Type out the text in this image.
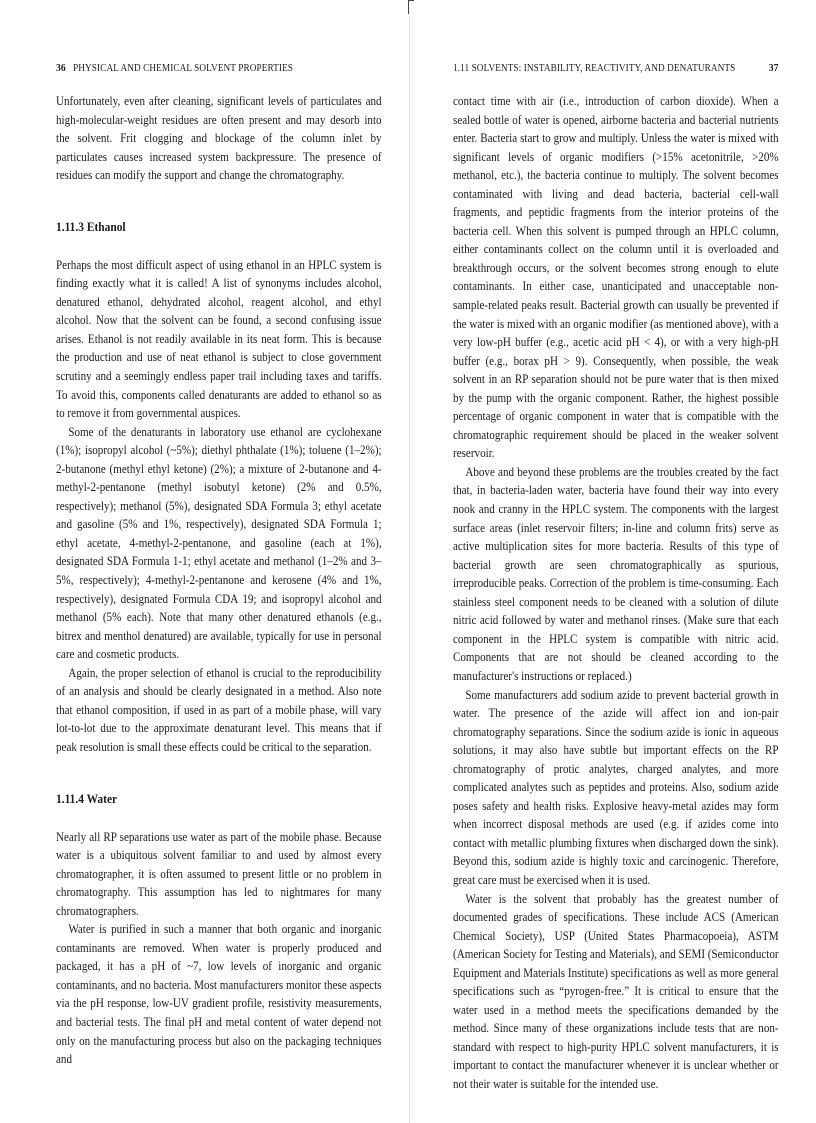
36 PHYSICAL AND CHEMICAL SOLVENT PROPERTIES

Unfortunately, even after cleaning, significant levels of particulates and high-molecular-weight residues are often present and may desorb into the solvent. Frit clogging and blockage of the column inlet by particulates causes increased system backpressure. The presence of residues can modify the support and change the chromatography.

1.11.3 Ethanol

Perhaps the most difficult aspect of using ethanol in an HPLC system is finding exactly what it is called! A list of synonyms includes alcohol, denatured ethanol, dehydrated alcohol, reagent alcohol, and ethyl alcohol. Now that the solvent can be found, a second confusing issue arises. Ethanol is not readily available in its neat form. This is because the production and use of neat ethanol is subject to close government scrutiny and a seemingly endless paper trail including taxes and tariffs. To avoid this, components called denaturants are added to ethanol so as to remove it from governmental auspices.

Some of the denaturants in laboratory use ethanol are cyclohexane (1%); isopropyl alcohol (~5%); diethyl phthalate (1%); toluene (1–2%); 2-butanone (methyl ethyl ketone) (2%); a mixture of 2-butanone and 4-methyl-2-pentanone (methyl isobutyl ketone) (2% and 0.5%, respectively); methanol (5%), designated SDA Formula 3; ethyl acetate and gasoline (5% and 1%, respectively), designated SDA Formula 1; ethyl acetate, 4-methyl-2-pentanone, and gasoline (each at 1%), designated SDA Formula 1-1; ethyl acetate and methanol (1–2% and 3–5%, respectively); 4-methyl-2-pentanone and kerosene (4% and 1%, respectively), designated Formula CDA 19; and isopropyl alcohol and methanol (5% each). Note that many other denatured ethanols (e.g., bitrex and menthol denatured) are available, typically for use in personal care and cosmetic products.

Again, the proper selection of ethanol is crucial to the reproducibility of an analysis and should be clearly designated in a method. Also note that ethanol composition, if used in as part of a mobile phase, will vary lot-to-lot due to the approximate denaturant level. This means that if peak resolution is small these effects could be critical to the separation.

1.11.4 Water

Nearly all RP separations use water as part of the mobile phase. Because water is a ubiquitous solvent familiar to and used by almost every chromatographer, it is often assumed to present little or no problem in chromatography. This assumption has led to nightmares for many chromatographers.

Water is purified in such a manner that both organic and inorganic contaminants are removed. When water is properly produced and packaged, it has a pH of ~7, low levels of inorganic and organic contaminants, and no bacteria. Most manufacturers monitor these aspects via the pH response, low-UV gradient profile, resistivity measurements, and bacterial tests. The final pH and metal content of water depend not only on the manufacturing process but also on the packaging techniques and

1.11 SOLVENTS: INSTABILITY, REACTIVITY, AND DENATURANTS	37

contact time with air (i.e., introduction of carbon dioxide). When a sealed bottle of water is opened, airborne bacteria and bacterial nutrients enter. Bacteria start to grow and multiply. Unless the water is mixed with significant levels of organic modifiers (>15% acetonitrile, >20% methanol, etc.), the bacteria continue to multiply. The solvent becomes contaminated with living and dead bacteria, bacterial cell-wall fragments, and peptidic fragments from the interior proteins of the bacteria cell. When this solvent is pumped through an HPLC column, either contaminants collect on the column until it is overloaded and breakthrough occurs, or the solvent becomes strong enough to elute contaminants. In either case, unanticipated and unacceptable non-sample-related peaks result. Bacterial growth can usually be prevented if the water is mixed with an organic modifier (as mentioned above), with a very low-pH buffer (e.g., acetic acid pH < 4), or with a very high-pH buffer (e.g., borax pH > 9). Consequently, when possible, the weak solvent in an RP separation should not be pure water that is then mixed by the pump with the organic component. Rather, the highest possible percentage of organic component in water that is compatible with the chromatographic requirement should be placed in the weaker solvent reservoir.

Above and beyond these problems are the troubles created by the fact that, in bacteria-laden water, bacteria have found their way into every nook and cranny in the HPLC system. The components with the largest surface areas (inlet reservoir filters; in-line and column frits) serve as active multiplication sites for more bacteria. Results of this type of bacterial growth are seen chromatographically as spurious, irreproducible peaks. Correction of the problem is time-consuming. Each stainless steel component needs to be cleaned with a solution of dilute nitric acid followed by water and methanol rinses. (Make sure that each component in the HPLC system is compatible with nitric acid. Components that are not should be cleaned according to the manufacturer's instructions or replaced.)

Some manufacturers add sodium azide to prevent bacterial growth in water. The presence of the azide will affect ion and ion-pair chromatography separations. Since the sodium azide is ionic in aqueous solutions, it may also have subtle but important effects on the RP chromatography of protic analytes, charged analytes, and more complicated analytes such as peptides and proteins. Also, sodium azide poses safety and health risks. Explosive heavy-metal azides may form when incorrect disposal methods are used (e.g. if azides come into contact with metallic plumbing fixtures when discharged down the sink). Beyond this, sodium azide is highly toxic and carcinogenic. Therefore, great care must be exercised when it is used.

Water is the solvent that probably has the greatest number of documented grades of specifications. These include ACS (American Chemical Society), USP (United States Pharmacopoeia), ASTM (American Society for Testing and Materials), and SEMI (Semiconductor Equipment and Materials Institute) specifications as well as more general specifications such as “pyrogen-free.” It is critical to ensure that the water used in a method meets the specifications demanded by the method. Since many of these organizations include tests that are non-standard with respect to high-purity HPLC solvent manufacturers, it is important to contact the manufacturer whenever it is unclear whether or not their water is suitable for the intended use.
